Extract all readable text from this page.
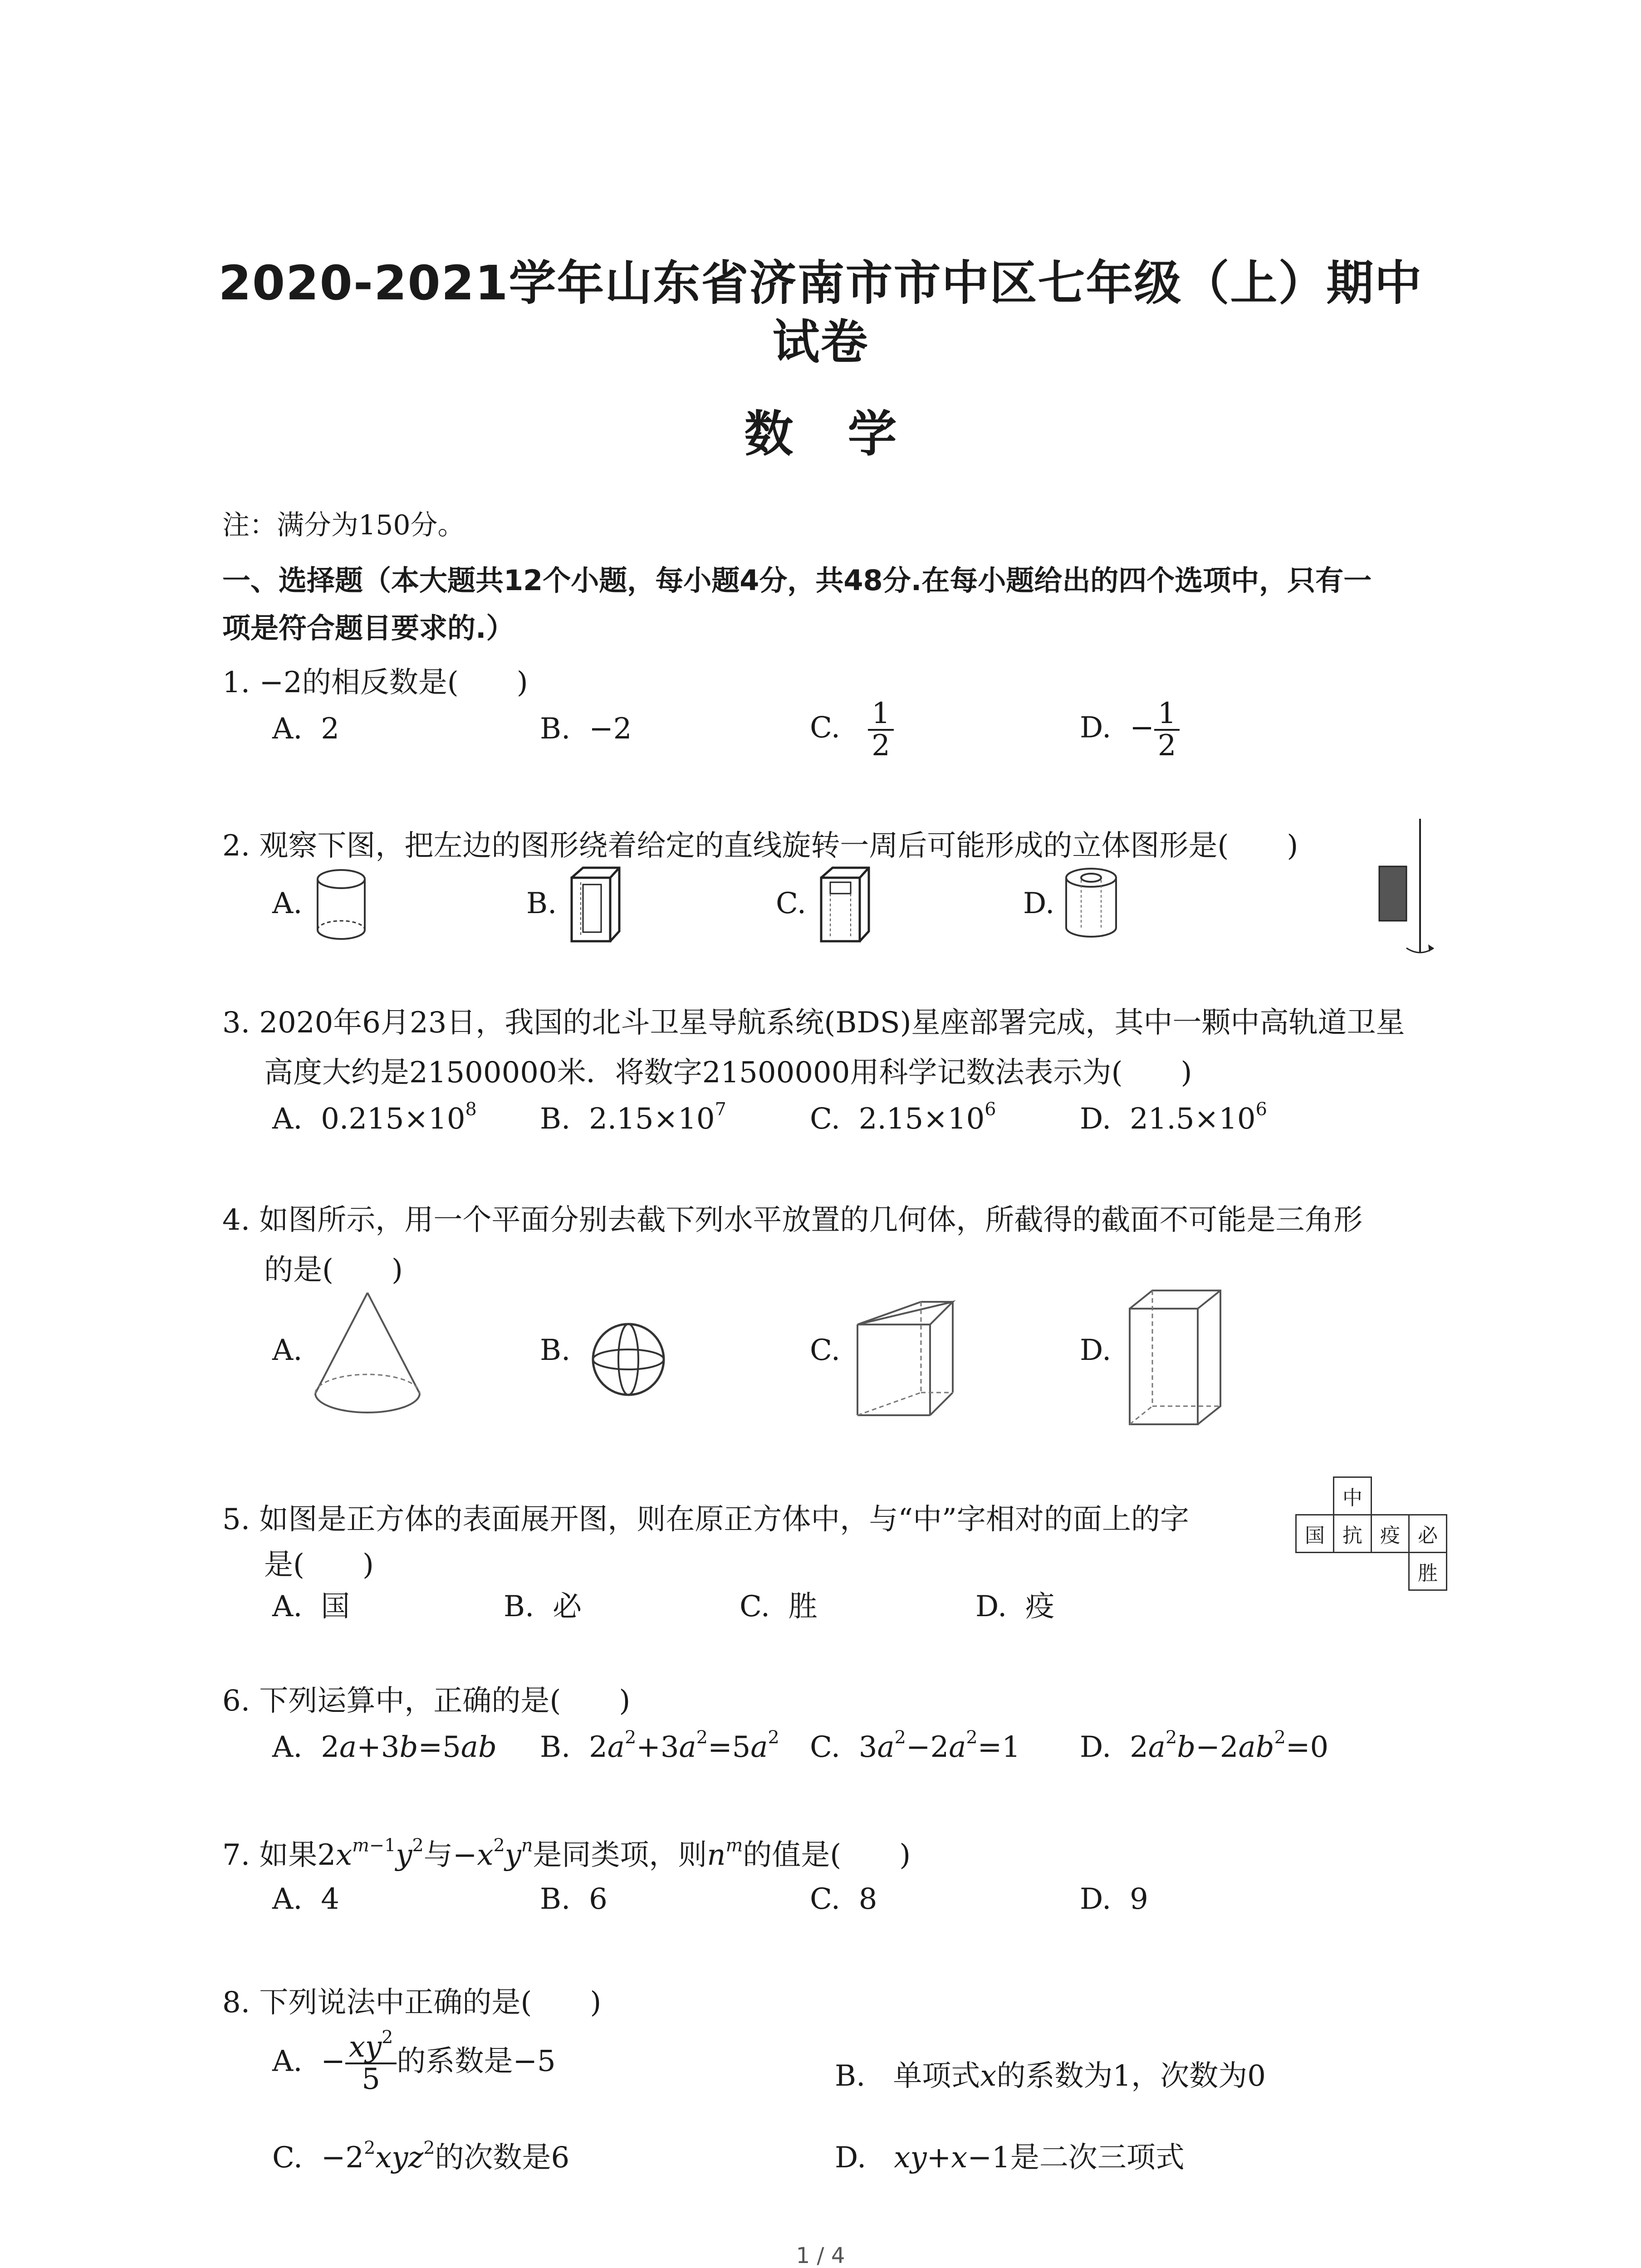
2020-2021学年山东省济南市市中区七年级（上）期中
试卷
数学
注：满分为150分。
一、选择题（本大题共12个小题，每小题4分，共48分.在每小题给出的四个选项中，只有一
项是符合题目要求的.）
1. −2的相反数是(　　)
A. 2	B. −2	C. $\frac{1}{2}$	D. − $\frac{1}{2}$
2. 观察下图，把左边的图形绕着给定的直线旋转一周后可能形成的立体图形是(　　)
A.	B.	C.	D.
3. 2020年6月23日，我国的北斗卫星导航系统(BDS)星座部署完成，其中一颗中高轨道卫星
高度大约是21500000米．将数字21500000用科学记数法表示为(　　)
A. $0.215\times 10^8$ B. $2.15\times 10^7$	C. $2.15\times 10^6$	D. $21.5\times 10^6$
4. 如图所示，用一个平面分别去截下列水平放置的几何体，所截得的截面不可能是三角形
的是(　　)
A.	B.	C.	D.
5. 如图是正方体的表面展开图，则在原正方体中，与“中”字相对的面上的字
是(　　)
	中		
国	抗	疫	必
			胜
A. 国	B. 必	C. 胜	D. 疫
6. 下列运算中，正确的是(　　)
A. 2a+3b=5ab B. $2a^2+3a^2=5a^2$ C. $3a^2-2a^2=1$ D. $2a^2b-2ab^2=0$
7. 如果$2x^{m-1}y^2$与$-x^2y^n$是同类项，则$n^m$的值是(　　)
A. 4	B. 6	C. 8	D. 9
8. 下列说法中正确的是(　　)
A.  − $\frac{xy^2}{5}$ 的系数是−5	B. 单项式x的系数为1，次数为0
C.  $-2^2xyz^2$的次数是6	D. xy+x−1是二次三项式
1 / 4
